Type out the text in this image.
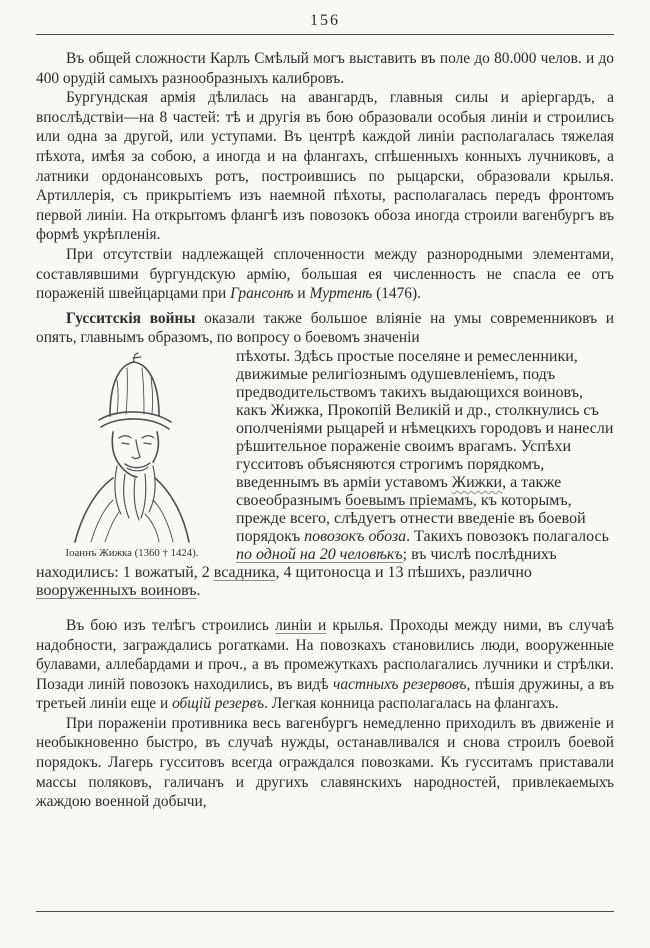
156

Въ общей сложности Карлъ Смѣлый могъ выставить въ поле до 80.000 челов. и до 400 орудій самыхъ разнообразныхъ калибровъ.

Бургундская армія дѣлилась на авангардъ, главныя силы и аріергардъ, а впослѣдствіи—на 8 частей: тѣ и другія въ бою образовали особыя линіи и строились или одна за другой, или уступами. Въ центрѣ каждой линіи располагалась тяжелая пѣхота, имѣя за собою, а иногда и на флангахъ, спѣшенныхъ конныхъ лучниковъ, а латники ордонансовыхъ ротъ, построившись по рыцарски, образовали крылья. Артиллерія, съ прикрытіемъ изъ наемной пѣхоты, располагалась передъ фронтомъ первой линіи. На открытомъ флангѣ изъ повозокъ обоза иногда строили вагенбургъ въ формѣ укрѣпленія.

При отсутствіи надлежащей сплоченности между разнородными элементами, составлявшими бургундскую армію, большая ея численность не спасла ее отъ пораженій швейцарцами при Грансонѣ и Муртенѣ (1476).

Гусситскія войны оказали также большое вліяніе на умы современниковъ и опять, главнымъ образомъ, по вопросу о боевомъ значеніи

Іоаннъ Жижка (1360 † 1424).
пѣхоты. Здѣсь простые поселяне и ремесленники, движимые религіознымъ одушевленіемъ, подъ предводительствомъ такихъ выдающихся воиновъ, какъ Жижка, Прокопій Великій и др., столкнулись съ ополченіями рыцарей и нѣмецкихъ городовъ и нанесли рѣшительное пораженіе своимъ врагамъ. Успѣхи гусситовъ объясняются строгимъ порядкомъ, введеннымъ въ арміи уставомъ Жижки, а также своеобразнымъ боевымъ пріемамъ, къ которымъ, прежде всего, слѣдуетъ отнести введеніе въ боевой порядокъ повозокъ обоза. Такихъ повозокъ полагалось по одной на 20 человѣкъ; въ числѣ послѣднихъ находились: 1 вожатый, 2 всадника, 4 щитоносца и 13 пѣшихъ, различно вооруженныхъ воиновъ.

Въ бою изъ телѣгъ строились линіи и крылья. Проходы между ними, въ случаѣ надобности, заграждались рогатками. На повозкахъ становились люди, вооруженные булавами, аллебардами и проч., а въ промежуткахъ располагались лучники и стрѣлки. Позади линій повозокъ находились, въ видѣ частныхъ резервовъ, пѣшія дружины, а въ третьей линіи еще и общій резервъ. Легкая конница располагалась на флангахъ.

При пораженіи противника весь вагенбургъ немедленно приходилъ въ движеніе и необыкновенно быстро, въ случаѣ нужды, останавливался и снова строилъ боевой порядокъ. Лагерь гусситовъ всегда ограждался повозками. Къ гусситамъ приставали массы поляковъ, галичанъ и другихъ славянскихъ народностей, привлекаемыхъ жаждою военной добычи,
